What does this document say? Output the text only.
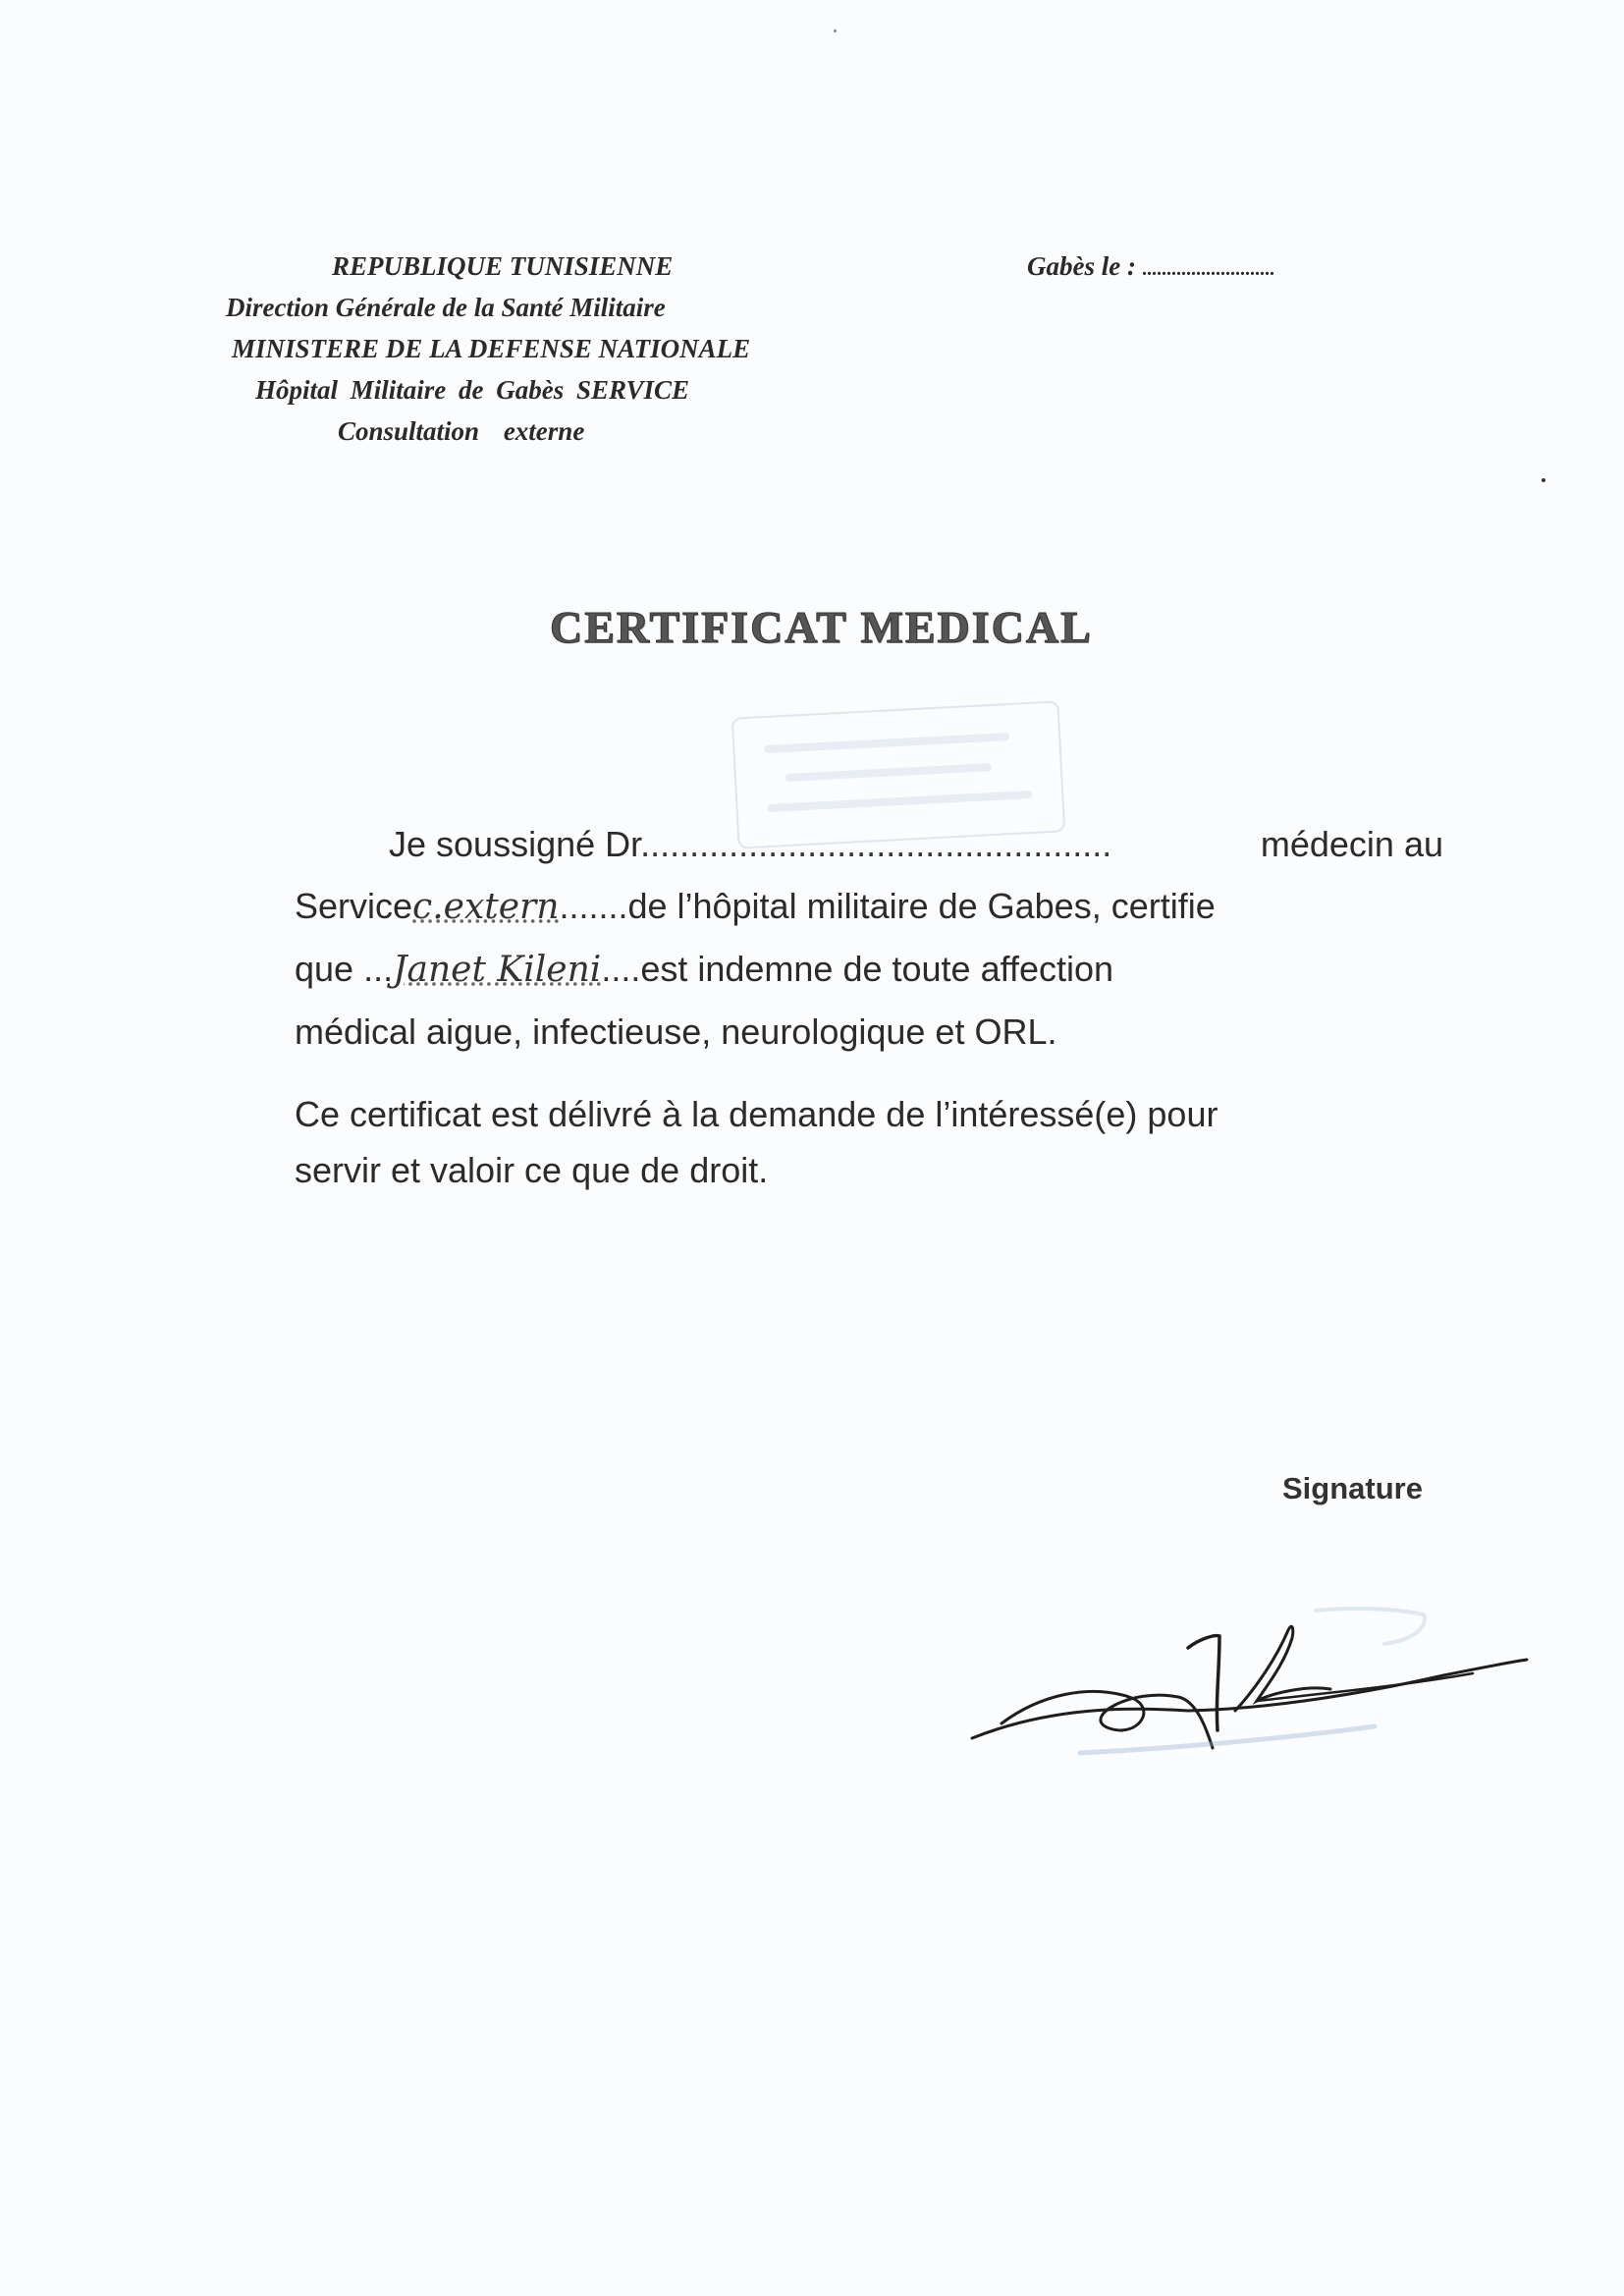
REPUBLIQUE TUNISIENNE
Direction Générale de la Santé Militaire
MINISTERE DE LA DEFENSE NATIONALE
Hôpital Militaire de Gabès SERVICE
Consultation externe
Gabès le : ...........................
CERTIFICAT MEDICAL
Je soussigné Dr................................................	médecin au
Servicec.extern.......de l’hôpital militaire de Gabes, certifie
que ...Janet Kileni....est indemne de toute affection
médical aigue, infectieuse, neurologique et ORL.
Ce certificat est délivré à la demande de l’intéressé(e) pour
servir et valoir ce que de droit.
Signature
